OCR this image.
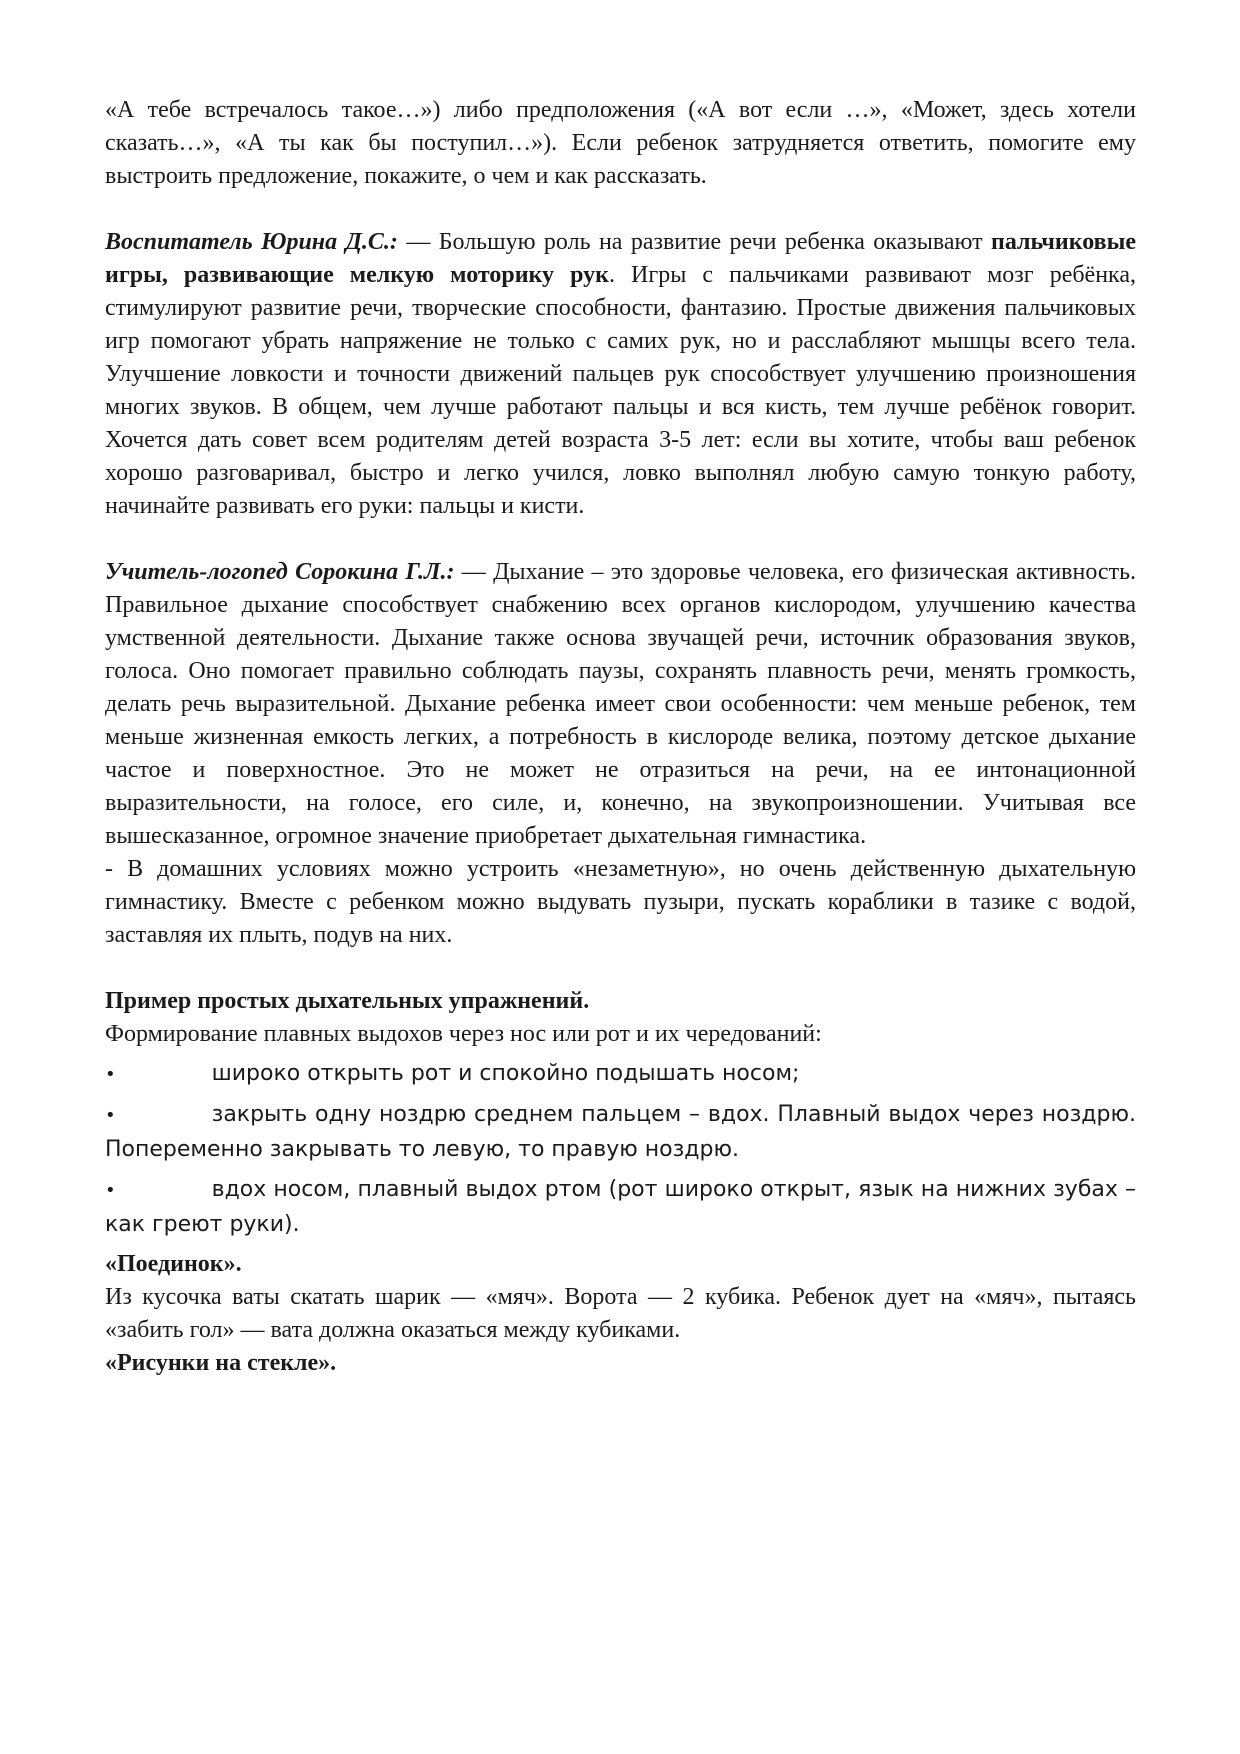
«А тебе встречалось такое…») либо предположения («А вот если …», «Может, здесь хотели сказать…», «А ты как бы поступил…»). Если ребенок затрудняется ответить, помогите ему выстроить предложение, покажите, о чем и как рассказать.

Воспитатель Юрина Д.С.: — Большую роль на развитие речи ребенка оказывают пальчиковые игры, развивающие мелкую моторику рук. Игры с пальчиками развивают мозг ребёнка, стимулируют развитие речи, творческие способности, фантазию. Простые движения пальчиковых игр помогают убрать напряжение не только с самих рук, но и расслабляют мышцы всего тела. Улучшение ловкости и точности движений пальцев рук способствует улучшению произношения многих звуков. В общем, чем лучше работают пальцы и вся кисть, тем лучше ребёнок говорит. Хочется дать совет всем родителям детей возраста 3-5 лет: если вы хотите, чтобы ваш ребенок хорошо разговаривал, быстро и легко учился, ловко выполнял любую самую тонкую работу, начинайте развивать его руки: пальцы и кисти.

Учитель-логопед Сорокина Г.Л.: — Дыхание – это здоровье человека, его физическая активность. Правильное дыхание способствует снабжению всех органов кислородом, улучшению качества умственной деятельности. Дыхание также основа звучащей речи, источник образования звуков, голоса. Оно помогает правильно соблюдать паузы, сохранять плавность речи, менять громкость, делать речь выразительной. Дыхание ребенка имеет свои особенности: чем меньше ребенок, тем меньше жизненная емкость легких, а потребность в кислороде велика, поэтому детское дыхание частое и поверхностное. Это не может не отразиться на речи, на ее интонационной выразительности, на голосе, его силе, и, конечно, на звукопроизношении. Учитывая все вышесказанное, огромное значение приобретает дыхательная гимнастика.

- В домашних условиях можно устроить «незаметную», но очень действенную дыхательную гимнастику. Вместе с ребенком можно выдувать пузыри, пускать кораблики в тазике с водой, заставляя их плыть, подув на них.

Пример простых дыхательных упражнений.

Формирование плавных выдохов через нос или рот и их чередований:

•	широко открыть рот и спокойно подышать носом;

•	закрыть одну ноздрю среднем пальцем – вдох. Плавный выдох через ноздрю. Попеременно закрывать то левую, то правую ноздрю.

•	вдох носом, плавный выдох ртом (рот широко открыт, язык на нижних зубах – как греют руки).

«Поединок».

Из кусочка ваты скатать шарик — «мяч». Ворота — 2 кубика. Ребенок дует на «мяч», пытаясь «забить гол» — вата должна оказаться между кубиками.

«Рисунки на стекле».
